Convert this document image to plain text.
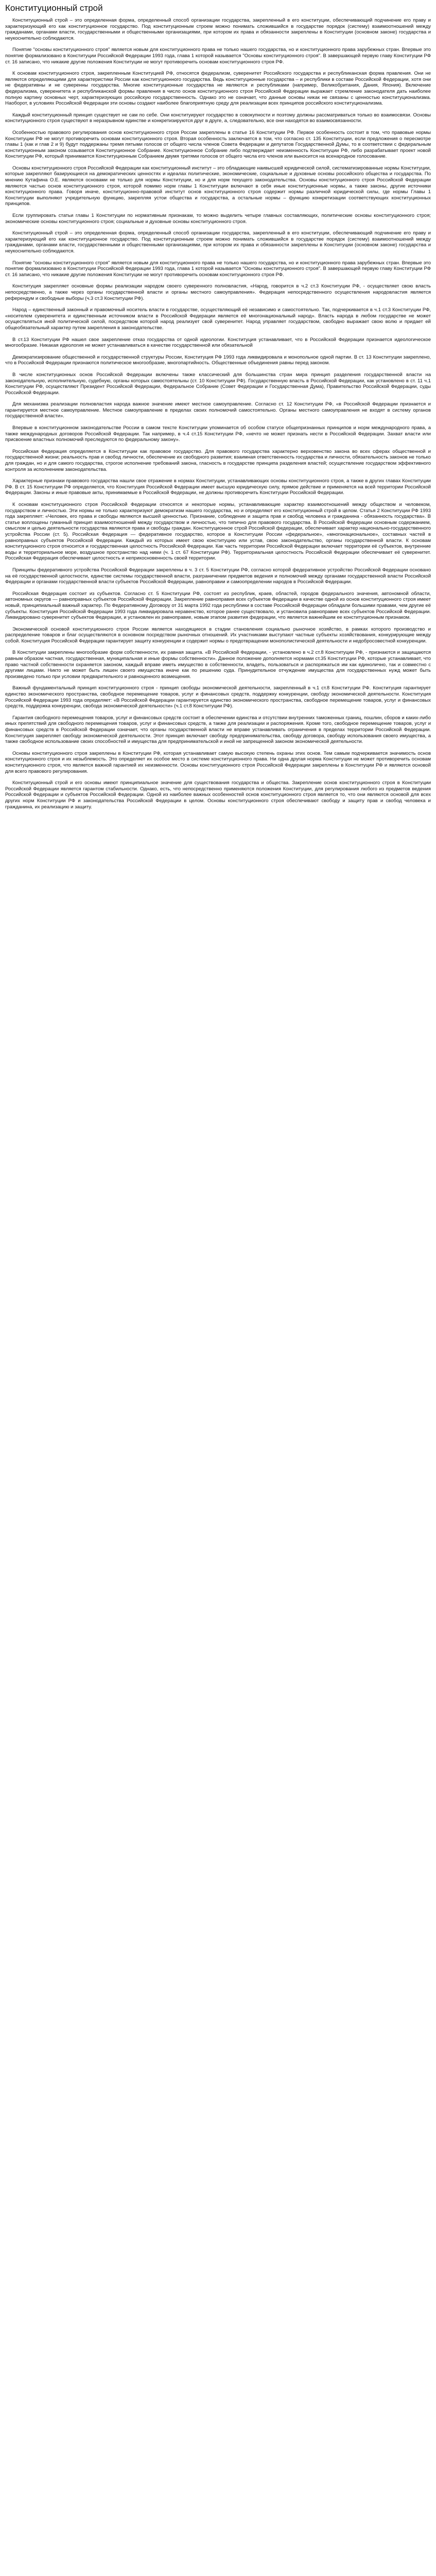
Конституционный строй

Конституционный строй – это определенная форма, определенный способ организации государства, закрепленный в его конституции, обеспечивающий подчинение его праву и характеризующий его как конституционное государство. Под конституционным строем можно понимать сложившийся в государстве порядок (систему) взаимоотношений между гражданами, органами власти, государственными и общественными организациями, при котором их права и обязанности закреплены в Конституции (основном законе) государства и неукоснительно соблюдаются.

Понятие "основы конституционного строя" является новым для конституционного права не только нашего государства, но и конституционного права зарубежных стран. Впервые это понятие формализовано в Конституции Российской Федерации 1993 года, глава 1 которой называется "Основы конституционного строя". В завершающей первую главу Конституции РФ ст. 16 записано, что никакие другие положения Конституции не могут противоречить основам конституционного строя РФ.

К основам конституционного строя, закрепленным Конституцией РФ, относятся федерализм, суверенитет Российского государства и республиканская форма правления. Они не являются определяющими для характеристики России как конституционного государства. Ведь конституционные государства – и республики в составе Российской Федерации, хотя они не федеративны и не суверенны государства. Многие конституционные государства не являются и республиками (например, Великобритания, Дания, Япония). Включение федерализма, суверенитета и республиканской формы правления в число основ конституционного строя Российской Федерации выражает стремление законодателя дать наиболее полную картину основных черт, характеризующих российскую государственность. Однако это не означает, что данные основы никак не связаны с ценностью конституционализма. Наоборот, в условиях Российской Федерации эти основы создают наиболее благоприятную среду для реализации всех принципов российского конституционализма.

Каждый конституционный принцип существует не сам по себе. Они конституируют государство в совокупности и поэтому должны рассматриваться только во взаимосвязи. Основы конституционного строя существуют в неразрывном единстве и конкретизируются друг в друге, а, следовательно, все они находятся во взаимосвязанности.

Особенностью правового регулирования основ конституционного строя России закреплены в статье 16 Конституции РФ. Первое особенность состоит в том, что правовые нормы Конституции РФ не могут противоречить основам конституционного строя. Вторая особенность заключается в том, что согласно ст. 135 Конституции, если предложения о пересмотре главы 1 (как и глав 2 и 9) будут поддержаны тремя пятыми голосов от общего числа членов Совета Федерации и депутатов Государственной Думы, то в соответствии с федеральным конституционным законом созывается Конституционное Собрание. Конституционное Собрание либо подтверждает неизменность Конституции РФ, либо разрабатывает проект новой Конституции РФ, который принимается Конституционным Собранием двумя третями голосов от общего числа его членов или выносится на всенародное голосование.

Основы конституционного строя Российской Федерации как конституционный институт – это обладающие наивысшей юридической силой, систематизированные нормы Конституции, которые закрепляют базирующиеся на демократических ценностях и идеалах политические, экономические, социальные и духовные основы российского общества и государства. По мнению Кутафина О.Е. являются основами не только для нормы Конституции, но и для норм текущего законодательства. Основы конституционного строя Российской Федерации являются частью основ конституционного строя, которой помимо норм главы 1 Конституции включают в себя иные конституционные нормы, а также законы, другие источники конституционного права. Говоря иначе, конституционно-правовой институт основ конституционного строя содержит нормы различной юридической силы, где нормы Главы 1 Конституции выполняют учредительную функцию, закрепляя устои общества и государства, а остальные нормы – функцию конкретизации соответствующих конституционных принципов.

Если группировать статьи главы 1 Конституции по нормативным признакам, то можно выделить четыре главных составляющих, политические основы конституционного строя; экономические основы конституционного строя; социальные и духовные основы конституционного строя.

Конституционный строй – это определенная форма, определенный способ организации государства, закрепленный в его конституции, обеспечивающий подчинение его праву и характеризующий его как конституционное государство. Под конституционным строем можно понимать сложившийся в государстве порядок (систему) взаимоотношений между гражданами, органами власти, государственными и общественными организациями, при котором их права и обязанности закреплены в Конституции (основном законе) государства и неукоснительно соблюдаются.

Понятие "основы конституционного строя" является новым для конституционного права не только нашего государства, но и конституционного права зарубежных стран. Впервые это понятие формализовано в Конституции Российской Федерации 1993 года, глава 1 которой называется "Основы конституционного строя". В завершающей первую главу Конституции РФ ст. 16 записано, что никакие другие положения Конституции не могут противоречить основам конституционного строя РФ.

Конституция закрепляет основные формы реализации народом своего суверенного полновластия, «Народ, говорится в ч.2 ст.3 Конституции РФ, - осуществляет свою власть непосредственно, а также через органы государственной власти и органы местного самоуправления». Федерация непосредственного осуществления народовластия является референдум и свободные выборы (ч.3 ст.3 Конституции РФ).

Народ – единственный законный и правомочный носитель власти в государстве, осуществляющий её независимо и самостоятельно. Так, подчеркивается в ч.1 ст.3 Конституции РФ, «носителем суверенитета и единственным источником власти в Российской Федерации является её многонациональный народ». Власть народа в любом государстве не может осуществляться иной политической силой, посредством которой народ реализует свой суверенитет. Народ управляет государством, свободно выражает свою волю и придает ей общеобязательный характер путем закрепления в законодательстве.

В ст.13 Конституции РФ нашел свое закрепление отказ государства от одной идеологии. Конституция устанавливает, что в Российской Федерации признается идеологическое многообразие. Никакая идеология не может устанавливаться в качестве государственной или обязательной

Демократизирование общественной и государственной структуры России, Конституция РФ 1993 года ликвидировала и монопольное одной партии. В ст. 13 Конституции закреплено, что в Российской Федерации признаются политическое многообразие, многопартийность. Общественные объединения равны перед законом.

В числе конституционных основ Российской Федерации включены также классический для большинства стран мира принцип разделения государственной власти на законодательную, исполнительную, судебную, органы которых самостоятельны (ст. 10 Конституции РФ). Государственную власть в Российской Федерации, как установлено в ст. 11 ч.1 Конституции РФ, осуществляют Президент Российской Федерации, Федеральное Собрание (Совет Федерации и Государственная Дума), Правительство Российской Федерации, суды Российской Федерации.

Для механизма реализации полновластия народа важное значение имеют местное самоуправление. Согласно ст. 12 Конституции РФ, «в Российской Федерации признается и гарантируется местное самоуправление. Местное самоуправление в пределах своих полномочий самостоятельно. Органы местного самоуправления не входят в систему органов государственной власти».

Впервые в конституционном законодательстве России в самом тексте Конституции упоминается об особом статусе общепризнанных принципов и норм международного права, а также международных договоров Российской Федерации. Так например, в ч.4 ст.15 Конституции РФ, «нечто не может признать нести в Российской Федерации. Захват власти или присвоение властных полномочий преследуются по федеральному закону».

Российская Федерация определяется в Конституции как правовое государство. Для правового государства характерно верховенство закона во всех сферах общественной и государственной жизни; реальность прав и свобод личности, обеспечение их свободного развития; взаимная ответственность государства и личности, обязательность законов не только для граждан, но и для самого государства, строгое исполнение требований закона, гласность в государстве принципа разделения властей; осуществление государством эффективного контроля за исполнением законодательства.

Характерные признаки правового государства нашли свое отражение в нормах Конституции, устанавливающих основы конституционного строя, а также в других главах Конституции РФ. В ст. 15 Конституции РФ определяется, что Конституция Российской Федерации имеет высшую юридическую силу, прямое действие и применяется на всей территории Российской Федерации. Законы и иные правовые акты, принимаемые в Российской Федерации, не должны противоречить Конституции Российской Федерации.

К основам конституционного строя Российской Федерации относятся и некоторые нормы, устанавливающие характер взаимоотношений между обществом и человеком, государством и личностью. Эти нормы не только характеризуют демократизм нашего государства, но и определяют его конституционный строй в целом. Статья 2 Конституции РФ 1993 года закрепляет: «Человек, его права и свободы являются высшей ценностью. Признание, соблюдение и защита прав и свобод человека и гражданина - обязанность государства». В статье воплощены гуманный принцип взаимоотношений между государством и личностью, что типично для правового государства. В Российской Федерации основным содержанием, смыслом и целью деятельности государства являются права и свободы граждан. Конституционное строй Российской федерации, обеспечивает характер национально-государственного устройства России (ст. 5). Российская Федерация — федеративное государство, которое в Конституции России «федеральное», «многонациональное», составных частей в равноправных субъектов Российской Федерации. Каждый из которых имеет свою конституцию или устав, свою законодательство, органы государственной власти. К основам конституционного строя относится и государственная целостность Российской Федерации. Как часть территории Российской Федерации включает территории её субъектов, внутренние воды и территориальное море, воздушное пространство над ними (ч. 1 ст. 67 Конституции РФ). Территориальная целостность Российской Федерации обеспечивает её суверенитет. Российская Федерация обеспечивает целостность и неприкосновенность своей территории.

Принципы федеративного устройства Российской Федерации закреплены в ч. 3 ст. 5 Конституции РФ, согласно которой федеративное устройство Российской Федерации основано на её государственной целостности, единстве системы государственной власти, разграничении предметов ведения и полномочий между органами государственной власти Российской Федерации и органами государственной власти субъектов Российской Федерации, равноправии и самоопределении народов в Российской Федерации.

Российская Федерация состоит из субъектов. Согласно ст. 5 Конституции РФ, состоят из республик, краев, областей, городов федерального значения, автономной области, автономных округов — равноправных субъектов Российской Федерации. Закрепление равноправия всех субъектов Федерации в качестве одной из основ конституционного строя имеет новый, принципиальный важный характер. По Федеративному Договору от 31 марта 1992 года республики в составе Российской Федерации обладали большими правами, чем другие её субъекты. Конституция Российской Федерации 1993 года ликвидировала неравенство, которое ранее существовало, и установила равноправие всех субъектов Российской Федерации. Ликвидировано суверенитет субъектов Федерации, и установлен их равноправие, новым этапом развития федерации, что является важнейшим ее конституционным признаком.

Экономической основой конституционного строя России является находящиеся в стадии становления социально рыночное хозяйство, в рамках которого производство и распределение товаров и благ осуществляются в основном посредством рыночных отношений. Их участниками выступают частные субъекты хозяйствования, конкурирующие между собой. Конституция Российской Федерации гарантирует защиту конкуренции и содержит нормы о предотвращении монополистической деятельности и недобросовестной конкуренции.

В Конституции закреплены многообразие форм собственности, их равная защита. «В Российской Федерации, - установлено в ч.2 ст.8 Конституции РФ, - признаются и защищаются равным образом частная, государственная, муниципальная и иные формы собственности». Данное положение дополняется нормами ст.35 Конституции РФ, которые устанавливает, что право частной собственности охраняется законом, каждый вправе иметь имущество в собственности, владеть, пользоваться и распоряжаться им как единолично, так и совместно с другими лицами. Никто не может быть лишен своего имущества иначе как по решению суда. Принудительное отчуждение имущества для государственных нужд может быть произведено только при условии предварительного и равноценного возмещения.

Важный фундаментальный принцип конституционного строя - принцип свободы экономической деятельности, закрепленный в ч.1 ст.8 Конституции РФ. Конституция гарантирует единство экономического пространства, свободное перемещение товаров, услуг и финансовых средств, поддержку конкуренции, свободу экономической деятельности. Конституция Российской Федерации 1993 года определяет: «В Российской Федерации гарантируется единство экономического пространства, свободное перемещение товаров, услуг и финансовых средств, поддержка конкуренции, свобода экономической деятельности» (ч.1 ст.8 Конституции РФ).

Гарантия свободного перемещения товаров, услуг и финансовых средств состоит в обеспечении единства и отсутствии внутренних таможенных границ, пошлин, сборов и каких-либо иных препятствий для свободного перемещения товаров, услуг и финансовых средств, а также для реализации и распоряжения. Кроме того, свободное перемещение товаров, услуг и финансовых средств в Российской Федерации означает, что органы государственной власти не вправе устанавливать ограничения в пределах территории Российской Федерации. Конституция закрепляет свободу экономической деятельности. Этот принцип включает свободу предпринимательства, свободу договора, свободу использования своего имущества, а также свободное использование своих способностей и имущества для предпринимательской и иной не запрещенной законом экономической деятельности.

Основы конституционного строя закреплены в Конституции РФ, которая устанавливает самую высокую степень охраны этих основ. Тем самым подчеркивается значимость основ конституционного строя и их незыблемость. Это определяет их особое место в системе конституционного права. Ни одна другая норма Конституции не может противоречить основам конституционного строя, что является важной гарантией их неизменности. Основы конституционного строя Российской Федерации закреплены в Конституции РФ и являются основой для всего правового регулирования.

Конституционный строй и его основы имеют принципиальное значение для существования государства и общества. Закрепление основ конституционного строя в Конституции Российской Федерации является гарантом стабильности. Однако, есть, что непосредственно применяются положения Конституции, для регулирования любого из предметов ведения Российской Федерации и субъектов Российской Федерации. Одной из наиболее важных особенностей основ конституционного строя является то, что они являются основой для всех других норм Конституции РФ и законодательства Российской Федерации в целом. Основы конституционного строя обеспечивают свободу и защиту прав и свобод человека и гражданина, их реализацию и защиту.
